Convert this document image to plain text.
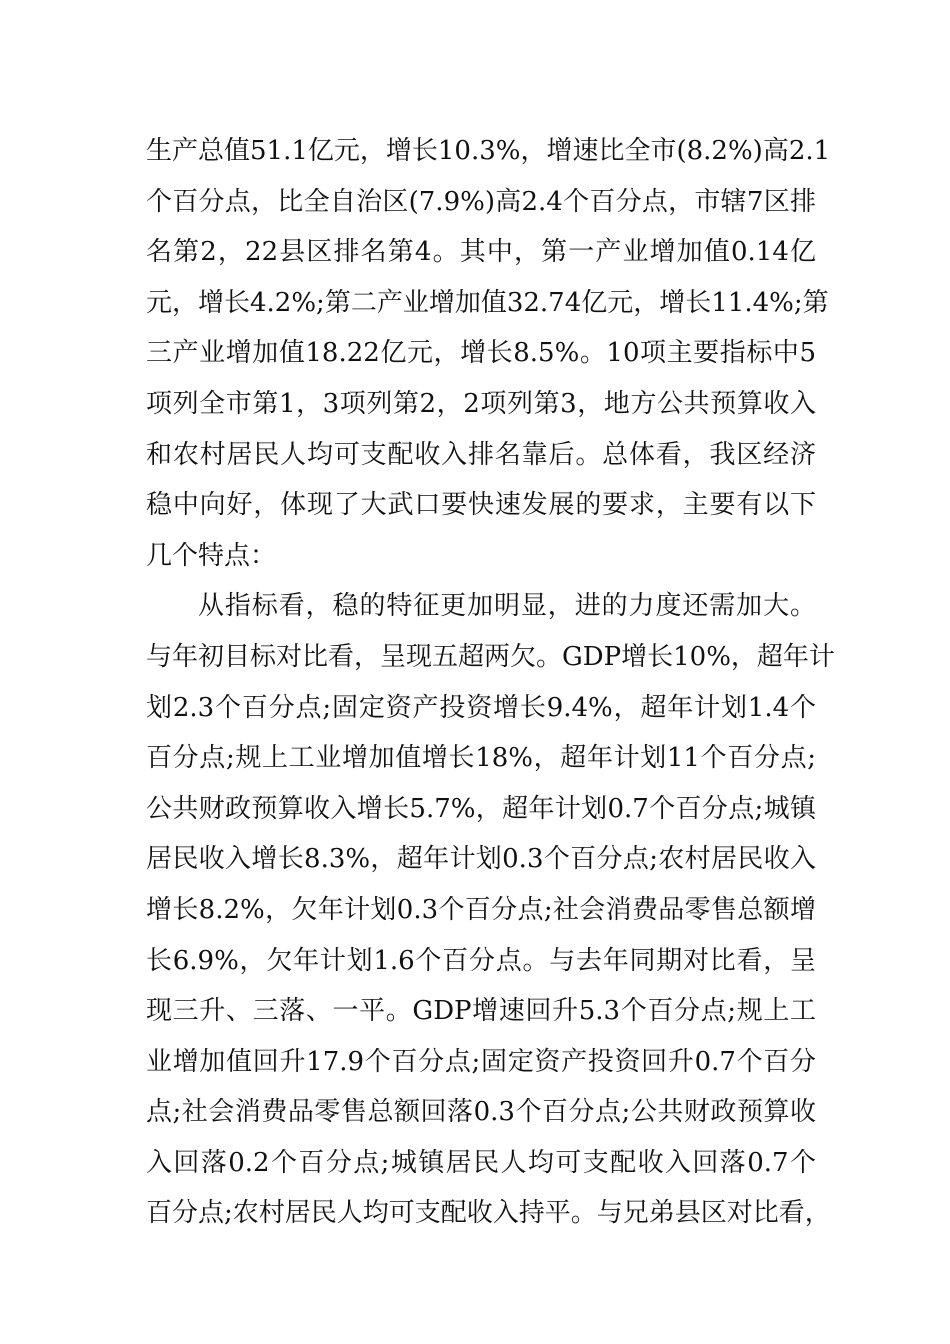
生产总值51.1亿元，增长10.3%，增速比全市(8.2%)高2.1
个百分点，比全自治区(7.9%)高2.4个百分点，市辖7区排
名第2，22县区排名第4。其中，第一产业增加值0.14亿
元，增长4.2%;第二产业增加值32.74亿元，增长11.4%;第
三产业增加值18.22亿元，增长8.5%。10项主要指标中5
项列全市第1，3项列第2，2项列第3，地方公共预算收入
和农村居民人均可支配收入排名靠后。总体看，我区经济
稳中向好，体现了大武口要快速发展的要求，主要有以下
几个特点：
从指标看，稳的特征更加明显，进的力度还需加大。
与年初目标对比看，呈现五超两欠。GDP增长10%，超年计
划2.3个百分点;固定资产投资增长9.4%，超年计划1.4个
百分点;规上工业增加值增长18%，超年计划11个百分点;
公共财政预算收入增长5.7%，超年计划0.7个百分点;城镇
居民收入增长8.3%，超年计划0.3个百分点;农村居民收入
增长8.2%，欠年计划0.3个百分点;社会消费品零售总额增
长6.9%，欠年计划1.6个百分点。与去年同期对比看，呈
现三升、三落、一平。GDP增速回升5.3个百分点;规上工
业增加值回升17.9个百分点;固定资产投资回升0.7个百分
点;社会消费品零售总额回落0.3个百分点;公共财政预算收
入回落0.2个百分点;城镇居民人均可支配收入回落0.7个
百分点;农村居民人均可支配收入持平。与兄弟县区对比看，
